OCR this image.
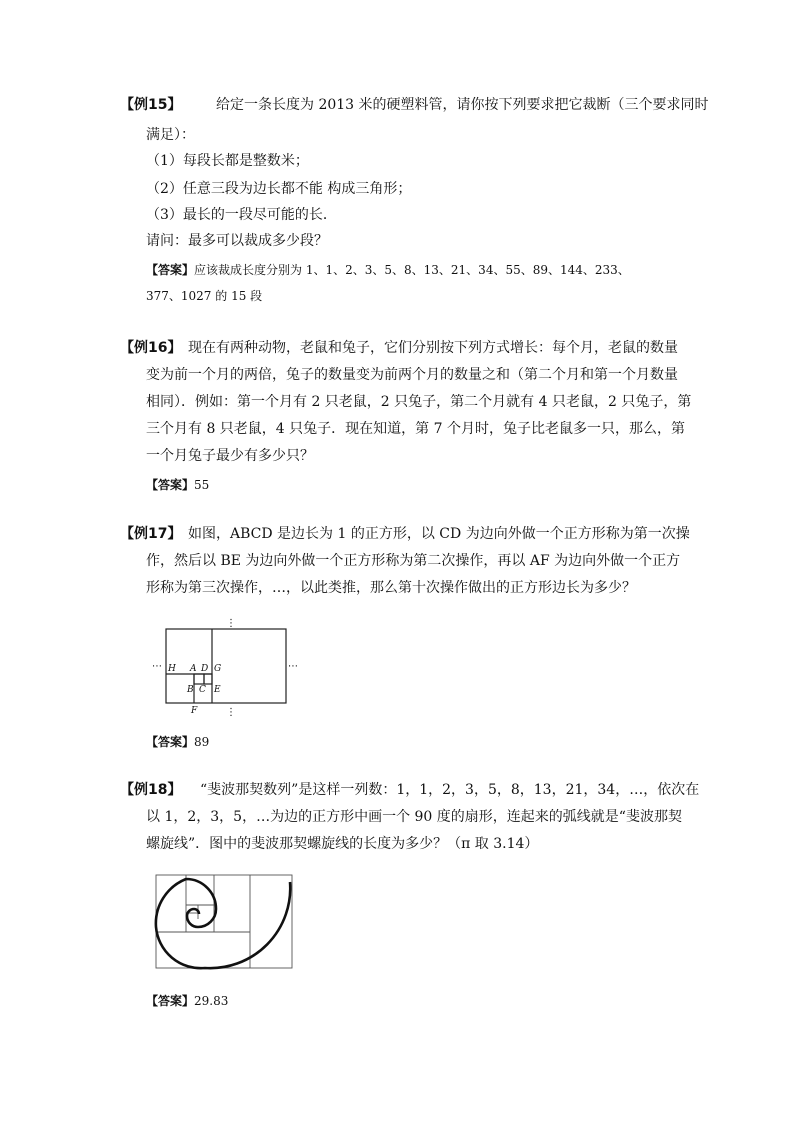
【例15】 给定一条长度为 2013 米的硬塑料管，请你按下列要求把它裁断（三个要求同时
满足）：
（1）每段长都是整数米；
（2）任意三段为边长都不能 构成三角形；
（3）最长的一段尽可能的长．
请问：最多可以裁成多少段？
【答案】应该裁成长度分别为 1、1、2、3、5、8、13、21、34、55、89、144、233、
377、1027 的 15 段
【例16】 现在有两种动物，老鼠和兔子，它们分别按下列方式增长：每个月，老鼠的数量
变为前一个月的两倍，兔子的数量变为前两个月的数量之和（第二个月和第一个月数量
相同）．例如：第一个月有 2 只老鼠，2 只兔子，第二个月就有 4 只老鼠，2 只兔子，第
三个月有 8 只老鼠，4 只兔子．现在知道，第 7 个月时，兔子比老鼠多一只，那么，第
一个月兔子最少有多少只？
【答案】55
【例17】 如图，ABCD 是边长为 1 的正方形，以 CD 为边向外做一个正方形称为第一次操
作，然后以 BE 为边向外做一个正方形称为第二次操作，再以 AF 为边向外做一个正方
形称为第三次操作，…，以此类推，那么第十次操作做出的正方形边长为多少？
H A D G
B C E
F
⋮
⋯	⋯
⋮
【答案】89
【例18】 “斐波那契数列”是这样一列数：1，1，2，3，5，8，13，21，34，…，依次在
以 1，2，3，5，…为边的正方形中画一个 90 度的扇形，连起来的弧线就是“斐波那契
螺旋线”．图中的斐波那契螺旋线的长度为多少？（π 取 3.14）
【答案】29.83
